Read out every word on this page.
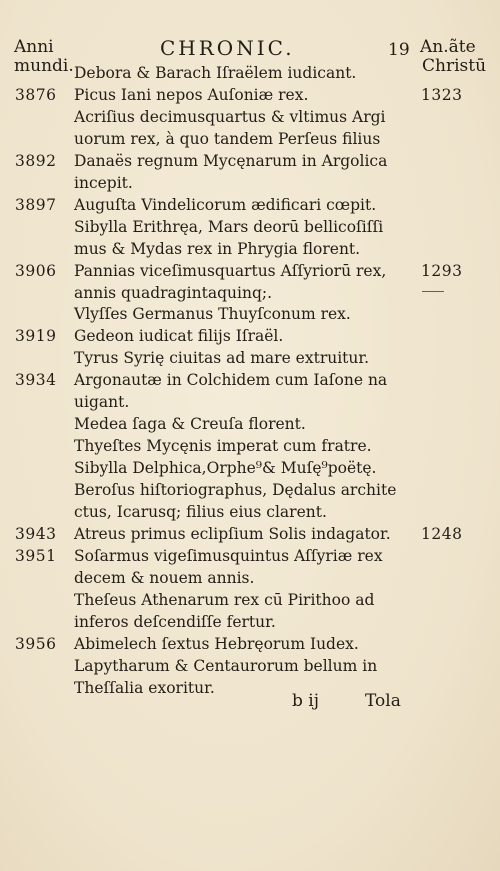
Anni
mundi.
CHRONIC.	19 An.ãte
Christū
Debora & Barach Iſraëlem iudicant.
3876 Picus Iani nepos Auſoniæ rex.	1323
Acriſius decimusquartus & vltimus Argi
uorum rex, à quo tandem Perſeus filius
3892 Danaës regnum Mycęnarum in Argolica
incepit.
3897 Auguſta Vindelicorum ædificari cœpit.
Sibylla Erithręa, Mars deorū bellicoſiſſi
mus & Mydas rex in Phrygia florent.
3906 Pannias viceſimusquartus Aſſyriorū rex, 1293
annis quadragintaquinq;.
Vlyſſes Germanus Thuyſconum rex.
3919 Gedeon iudicat filijs Iſraël.
Tyrus Syrię ciuitas ad mare extruitur.
3934 Argonautæ in Colchidem cum Iaſone na
uigant.
Medea ſaga & Creuſa florent.
Thyeſtes Mycęnis imperat cum fratre.
Sibylla Delphica,Orphe⁹& Muſę⁹poëtę.
Beroſus hiſtoriographus, Dędalus archite
ctus, Icarusq; filius eius clarent.
3943 Atreus primus eclipſium Solis indagator. 1248
3951 Soſarmus vigeſimusquintus Aſſyriæ rex
decem & nouem annis.
Theſeus Athenarum rex cū Pirithoo ad
inferos deſcendiſſe fertur.
3956 Abimelech ſextus Hebręorum Iudex.
Lapytharum & Centaurorum bellum in
Theſſalia exoritur.
b ij	Tola
